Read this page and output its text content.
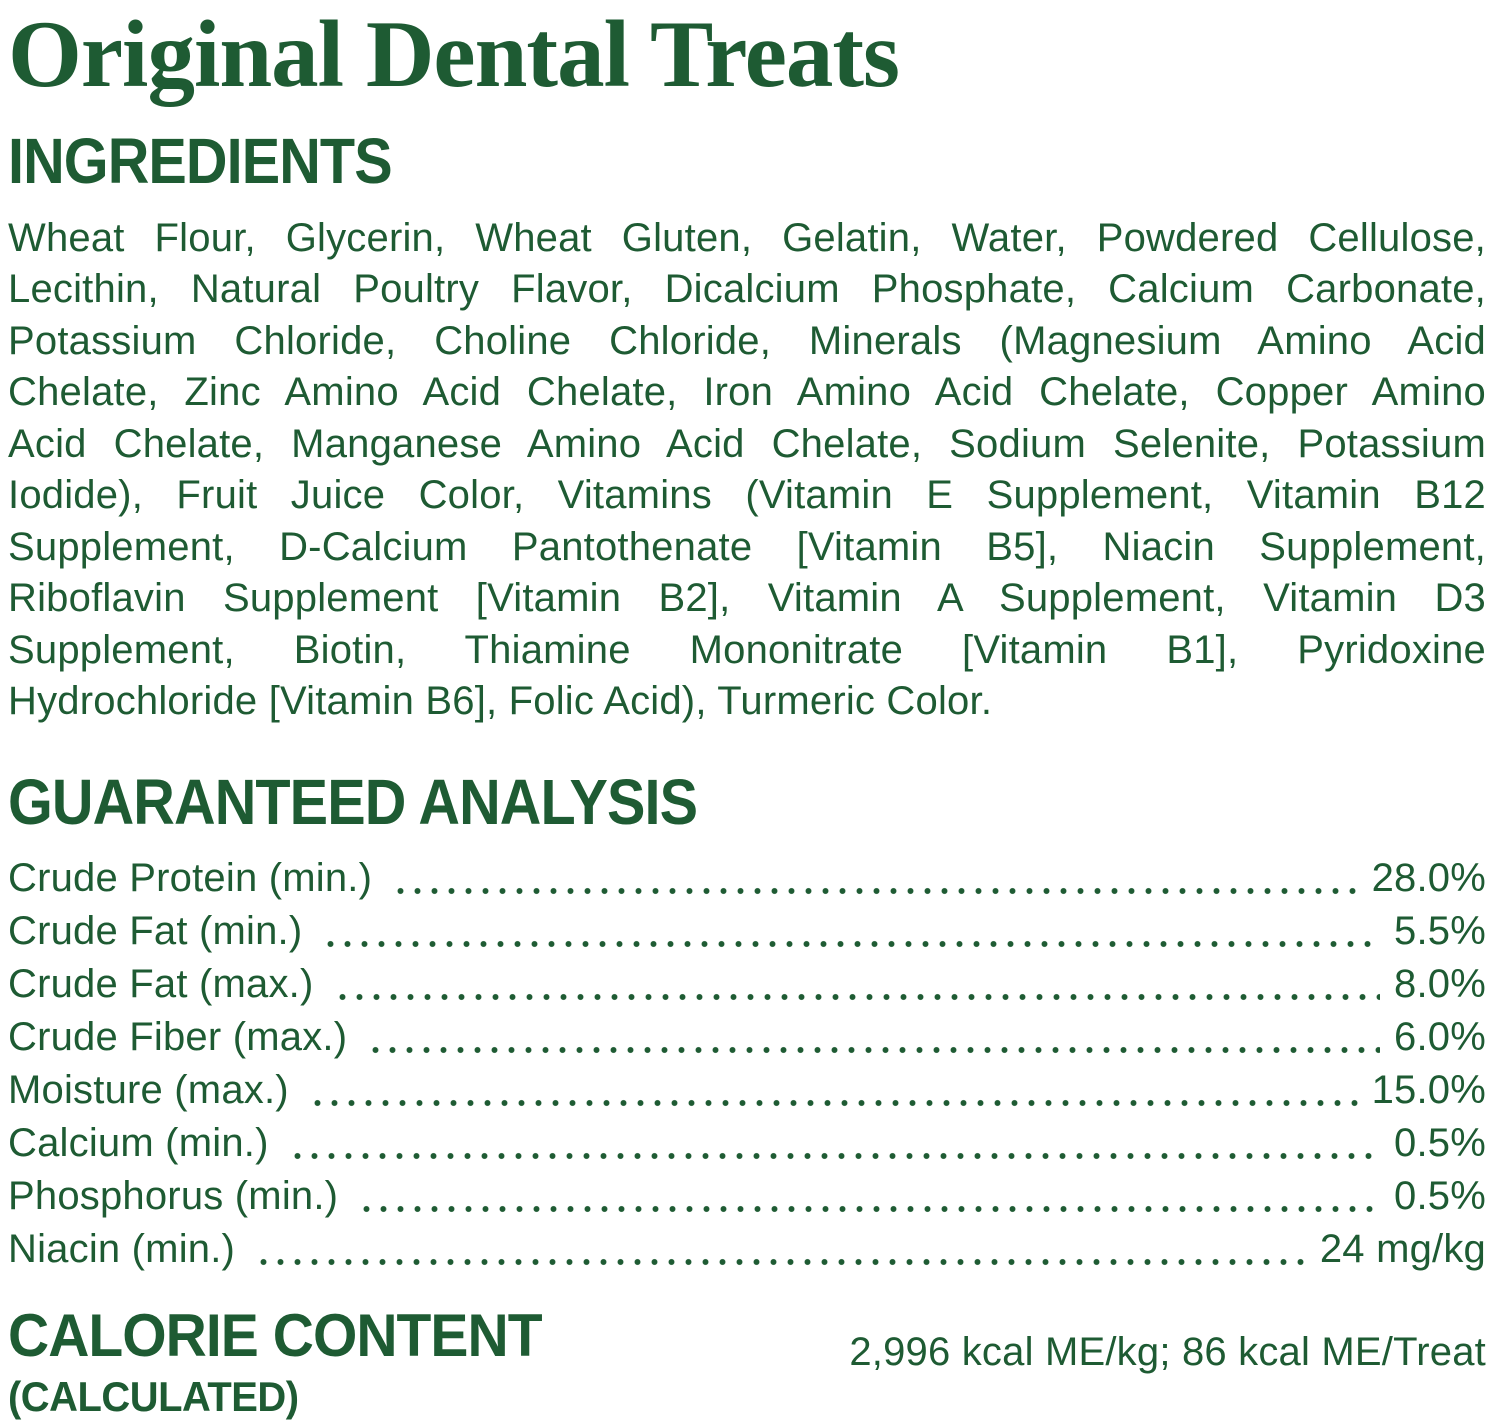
Original Dental Treats
INGREDIENTS
Wheat Flour, Glycerin, Wheat Gluten, Gelatin, Water, Powdered Cellulose,
Lecithin, Natural Poultry Flavor, Dicalcium Phosphate, Calcium Carbonate,
Potassium Chloride, Choline Chloride, Minerals (Magnesium Amino Acid
Chelate, Zinc Amino Acid Chelate, Iron Amino Acid Chelate, Copper Amino
Acid Chelate, Manganese Amino Acid Chelate, Sodium Selenite, Potassium
Iodide), Fruit Juice Color, Vitamins (Vitamin E Supplement, Vitamin B12
Supplement, D-Calcium Pantothenate [Vitamin B5], Niacin Supplement,
Riboflavin Supplement [Vitamin B2], Vitamin A Supplement, Vitamin D3
Supplement, Biotin, Thiamine Mononitrate [Vitamin B1], Pyridoxine
Hydrochloride [Vitamin B6], Folic Acid), Turmeric Color.
GUARANTEED ANALYSIS
Crude Protein (min.)	28.0%
Crude Fat (min.)	5.5%
Crude Fat (max.)	8.0%
Crude Fiber (max.)	6.0%
Moisture (max.)	15.0%
Calcium (min.)	0.5%
Phosphorus (min.)	0.5%
Niacin (min.)	24 mg/kg
CALORIE CONTENT
(CALCULATED)
2,996 kcal ME/kg; 86 kcal ME/Treat
